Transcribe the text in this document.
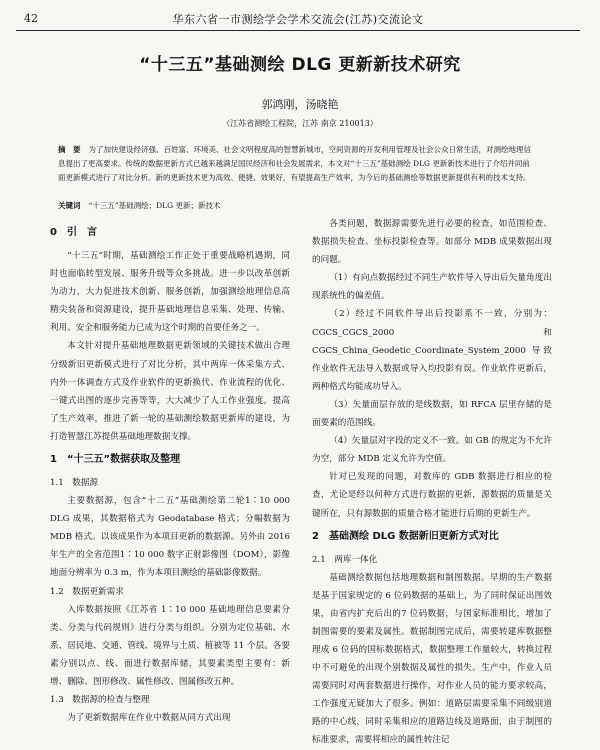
42	华东六省一市测绘学会学术交流会(江苏)交流论文
“十三五”基础测绘 DLG 更新新技术研究
郭鸿刚，汤晓艳
（江苏省测绘工程院，江苏 南京 210013）
摘　要 为了加快建设经济强、百姓富、环境美、社会文明程度高的智慧新城市，空间资源的开发利用管理及社会公众日常生活，对测绘地理信息提出了更高要求。传统的数据更新方式已越来越满足国民经济和社会发展需求，本文对“十三五”基础测绘 DLG 更新新技术进行了介绍并同前面更新模式进行了对比分析。新的更新技术更为高效、便捷、效果好，有望提高生产效率，为今后的基础测绘等数据更新提供有利的技术支持。
关键词 “十三五”基础测绘；DLG 更新；新技术
0　引　言

“十三五”时期，基础测绘工作正处于重要战略机遇期，同时也面临转型发展、服务升级等众多挑战。进一步以改革创新为动力，大力促进技术创新、服务创新，加强测绘地理信息高精尖装备和资源建设，提升基础地理信息采集、处理、传输、利用、安全和服务能力已成为这个时期的首要任务之一。

本文针对提升基础地理数据更新领域的关键技术做出合理分级新旧更新模式进行了对比分析，其中两库一体采集方式、内外一体调查方式及作业软件的更新换代、作业流程的优化、一键式出图的逐步完善等等，大大减少了人工作业强度，提高了生产效率，推进了新一轮的基础测绘数据更新库的建设，为打造智慧江苏提供基础地理数据支撑。

1　“十三五”数据获取及整理
1.1　数据源

主要数据源，包含“十二五”基础测绘第二轮1∶10 000 DLG 成果，其数据格式为 Geodatabase 格式；分幅数据为 MDB 格式。以该成果作为本项目更新的数据源。另外由 2016 年生产的全省范围1∶10 000 数字正射影像图（DOM），影像地面分辨率为 0.3 m，作为本项目测绘的基础影像数据。

1.2　数据更新需求

入库数据按照《江苏省 1∶10 000 基础地理信息要素分类、分类与代码规则》进行分类与组织。分别为定位基础、水系、居民地、交通、管线、境界与土质、植被等 11 个层。各要素分别以点、线、面进行数据库储，其要素类型主要有：新增、删除、图形修改、属性修改、图属修改五种。

1.3　数据源的检查与整理

为了更新数据库在作业中数据从同方式出现

各类问题，数据源需要先进行必要的检查，如范围检查、数据损失检查、坐标投影检查等。如部分 MDB 成果数据出现的问题。

（1）有向点数据经过不同生产软件导入导出后矢量角度出现系统性的偏差值。

（2）经过不同软件导出后投影系不一致，分别为：CGCS_CGCS_2000 和 CGCS_China_Geodetic_Coordinate_System_2000 导致作业软件无法导入数据或导入均投影有误。作业软件更新后，两种格式均能成功导入。

（3）矢量面层存放的是线数据，如 RFCA 层里存储的是面要素的范围线。

（4）矢量层对字段的定义不一致。如 GB 的规定为不允许为空，部分 MDB 定义允许为空值。

针对已发现的问题，对数库的 GDB 数据进行相应的检查，尤论是经以何种方式进行数据的更新，源数据的质量是关键所在，只有源数据的质量合格才能进行后期的更新生产。

2　基础测绘 DLG 数据新旧更新方式对比
2.1　两库一体化

基础测绘数据包括地理数据和制图数据。早期的生产数据是基于国家规定的 6 位码数据的基础上，为了同时保证出图效果，由省内扩充后出的7 位码数据，与国家标准相比，增加了制图需要的要素及属性。数据制图完成后，需要转建库数据整理成 6 位码的国标数据格式，数据整理工作量较大，转换过程中不可避免的出现个别数据及属性的损失。生产中，作业人员需要同时对两套数据进行操作，对作业人员的能力要求较高，工作强度无疑加大了很多。例如：道路层需要采集不同级别道路的中心线，同时采集相应的道路边线及道路面，由于制图的标准要求，需要将相应的属性转注记
